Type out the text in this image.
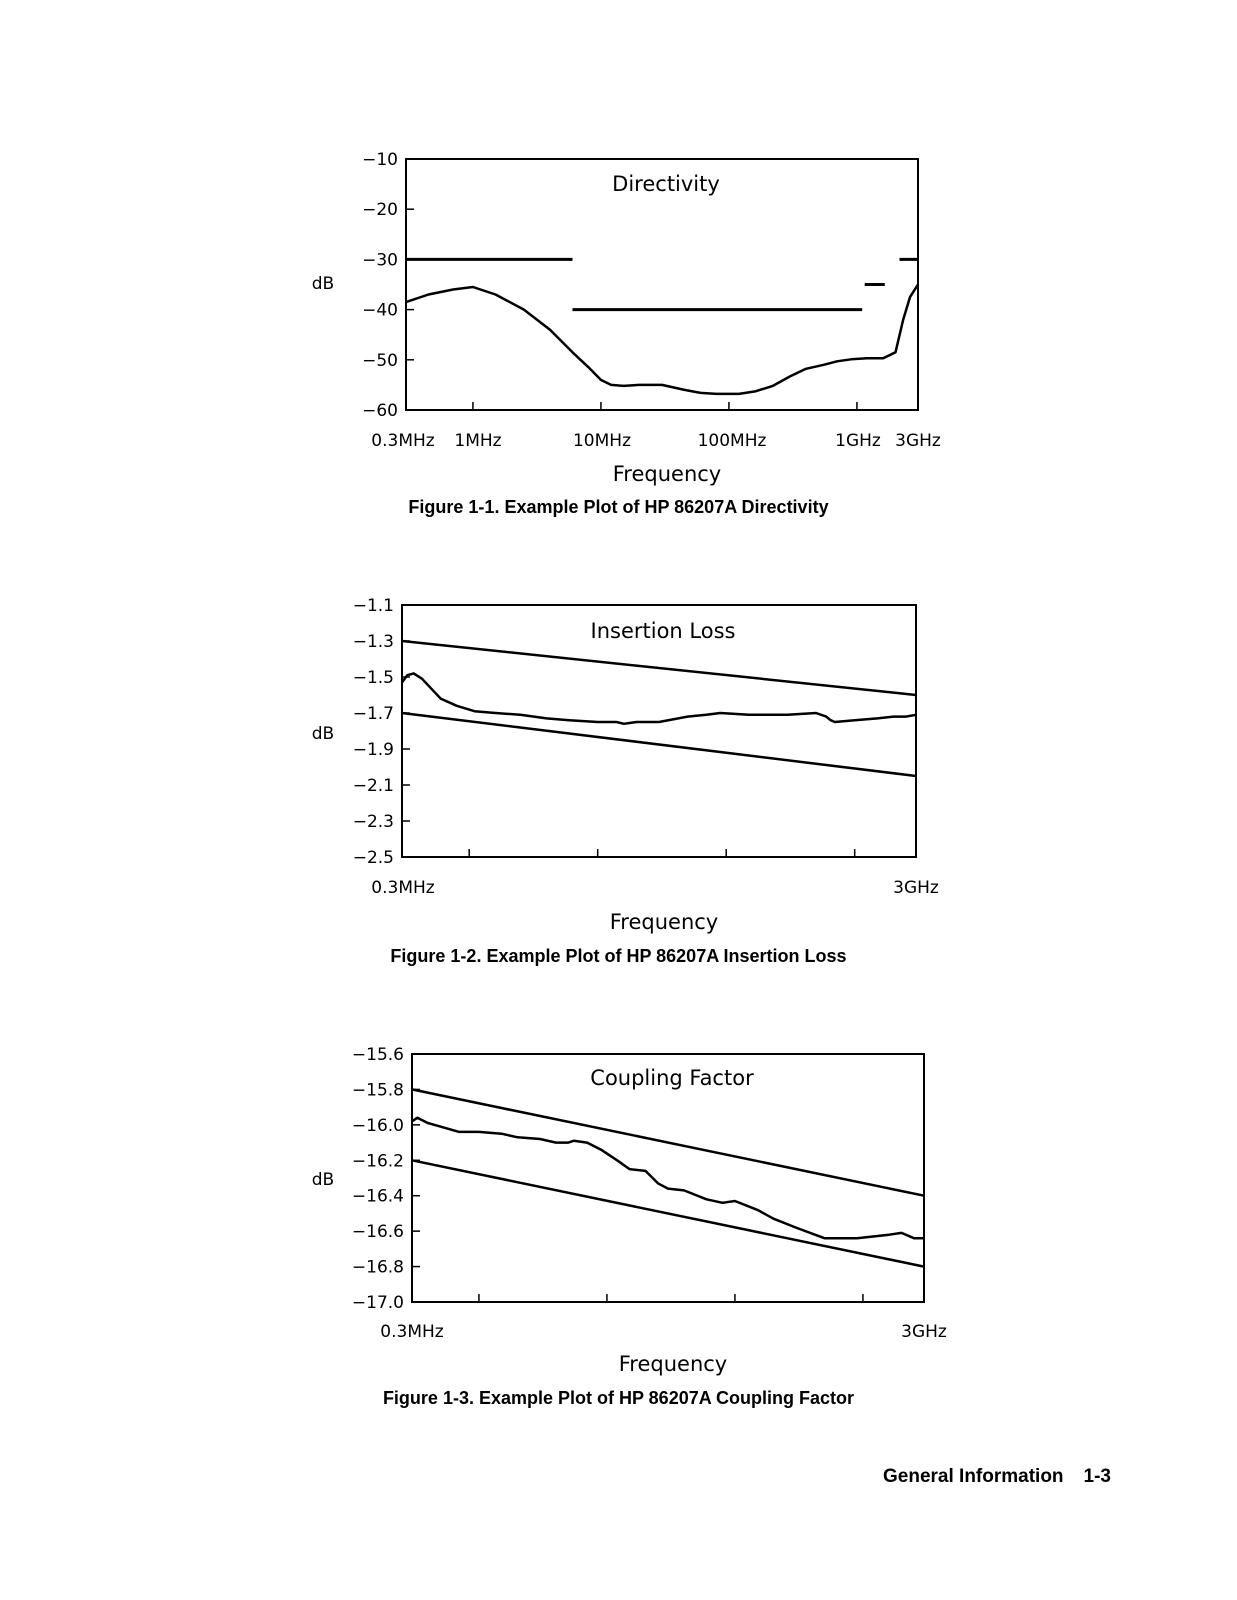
−10
−20
−30
−40
−50
−60
0.3MHz 1MHz	10MHz	100MHz	1GHz 3GHz
dB
Frequency
Directivity
Figure 1-1. Example Plot of HP 86207A Directivity
−1.1
−1.3
−1.5
−1.7
−1.9
−2.1
−2.3
−2.5
0.3MHz	3GHz
dB
Frequency
Insertion Loss
Figure 1-2. Example Plot of HP 86207A Insertion Loss
−15.6
−15.8
−16.0
−16.2
−16.4
−16.6
−16.8
−17.0
0.3MHz	3GHz
dB
Frequency
Coupling Factor
Figure 1-3. Example Plot of HP 86207A Coupling Factor
General Information 1-3
